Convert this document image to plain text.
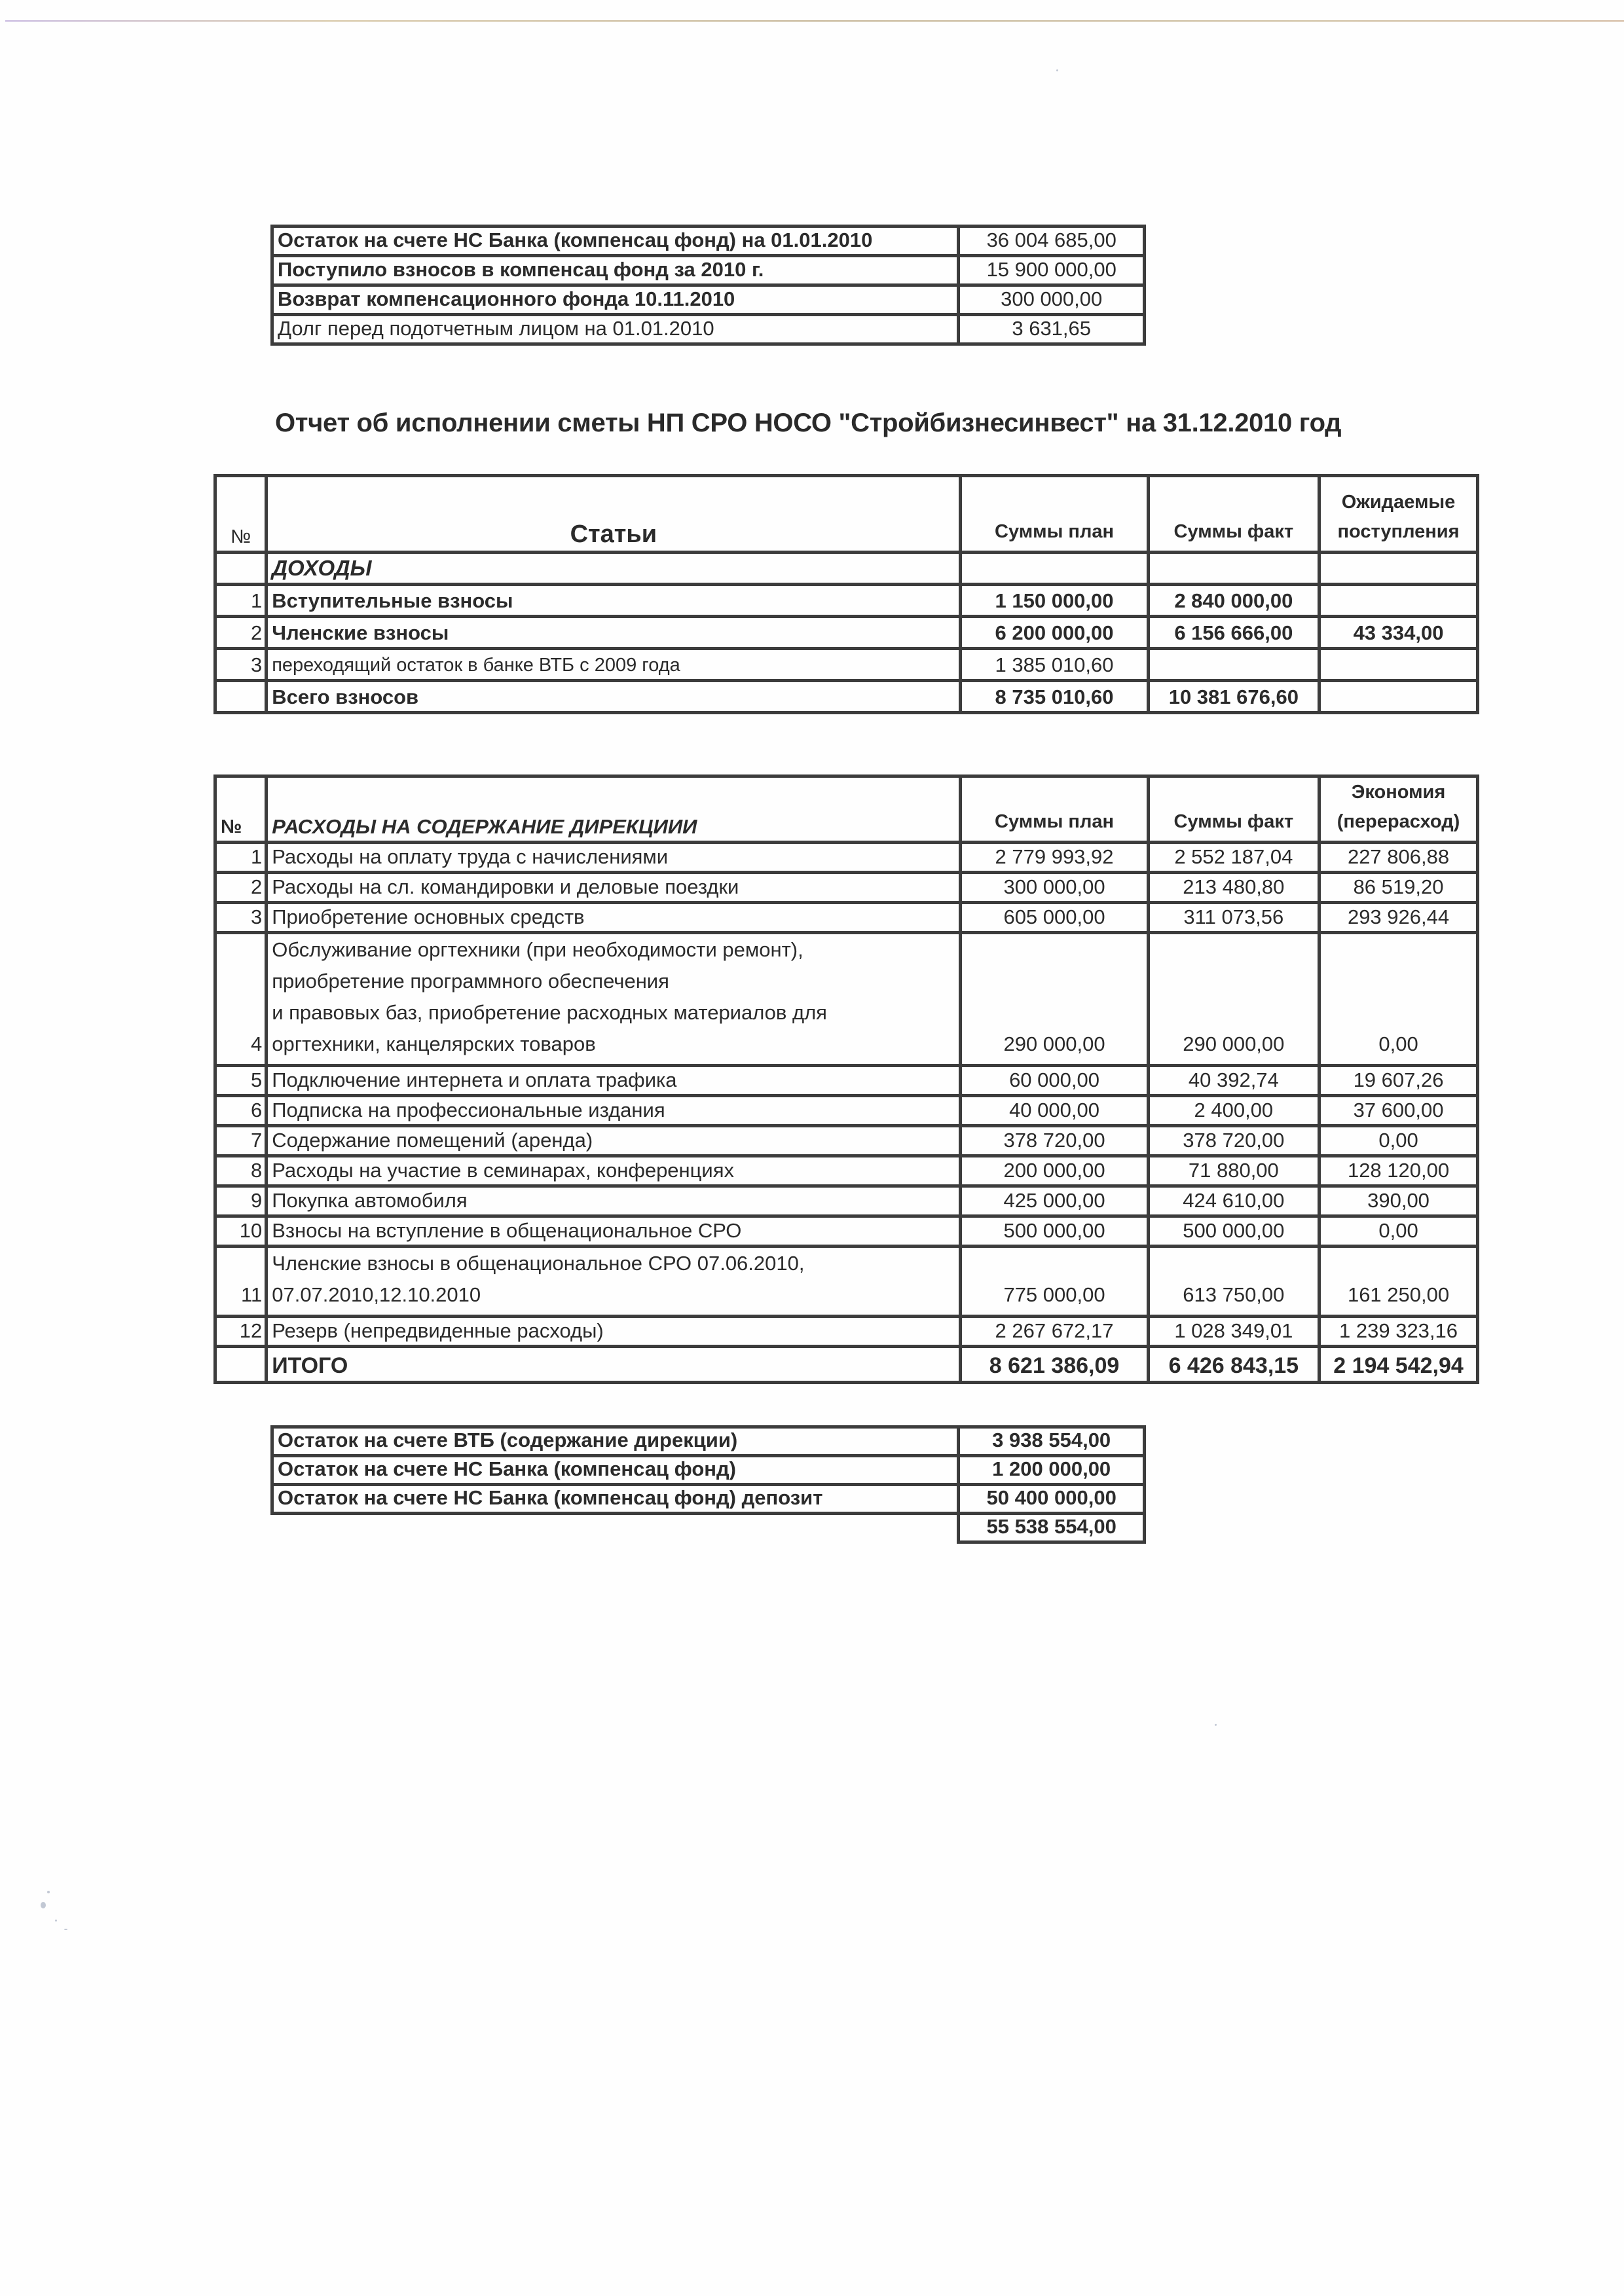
Остаток на счете НС Банка (компенсац фонд) на 01.01.2010	36 004 685,00
Поступило взносов в компенсац фонд за 2010 г.	15 900 000,00
Возврат компенсационного фонда 10.11.2010	300 000,00
Долг перед подотчетным лицом на 01.01.2010	3 631,65
Отчет об исполнении сметы НП СРО НОСО "Стройбизнесинвест" на 31.12.2010 год
№	Статьи	Суммы план	Суммы факт	Ожидаемые
поступления

	ДОХОДЫ			
1	Вступительные взносы	1 150 000,00	2 840 000,00	
2	Членские взносы	6 200 000,00	6 156 666,00	43 334,00
3	переходящий остаток в банке ВТБ с 2009 года	1 385 010,60		
	Всего взносов	8 735 010,60	10 381 676,60	
№	РАСХОДЫ НА СОДЕРЖАНИЕ ДИРЕКЦИИИ	Суммы план	Суммы факт	Экономия
(перерасход)

1	Расходы на оплату труда с начислениями	2 779 993,92	2 552 187,04	227 806,88
2	Расходы на сл. командировки и деловые поездки	300 000,00	213 480,80	86 519,20
3	Приобретение основных средств	605 000,00	311 073,56	293 926,44
4	Обслуживание оргтехники (при необходимости ремонт),
приобретение программного обеспечения
и правовых баз, приобретение расходных материалов для
оргтехники, канцелярских товаров	290 000,00	290 000,00	0,00
5	Подключение интернета и оплата трафика	60 000,00	40 392,74	19 607,26
6	Подписка на профессиональные издания	40 000,00	2 400,00	37 600,00
7	Содержание помещений (аренда)	378 720,00	378 720,00	0,00
8	Расходы на участие в семинарах, конференциях	200 000,00	71 880,00	128 120,00
9	Покупка автомобиля	425 000,00	424 610,00	390,00
10	Взносы на вступление в общенациональное СРО	500 000,00	500 000,00	0,00
11	Членские взносы в общенациональное СРО 07.06.2010,
07.07.2010,12.10.2010	775 000,00	613 750,00	161 250,00
12	Резерв (непредвиденные расходы)	2 267 672,17	1 028 349,01	1 239 323,16
	ИТОГО	8 621 386,09	6 426 843,15	2 194 542,94
Остаток на счете ВТБ (содержание дирекции)	3 938 554,00
Остаток на счете НС Банка (компенсац фонд)	1 200 000,00
Остаток на счете НС Банка (компенсац фонд) депозит	50 400 000,00
	55 538 554,00
